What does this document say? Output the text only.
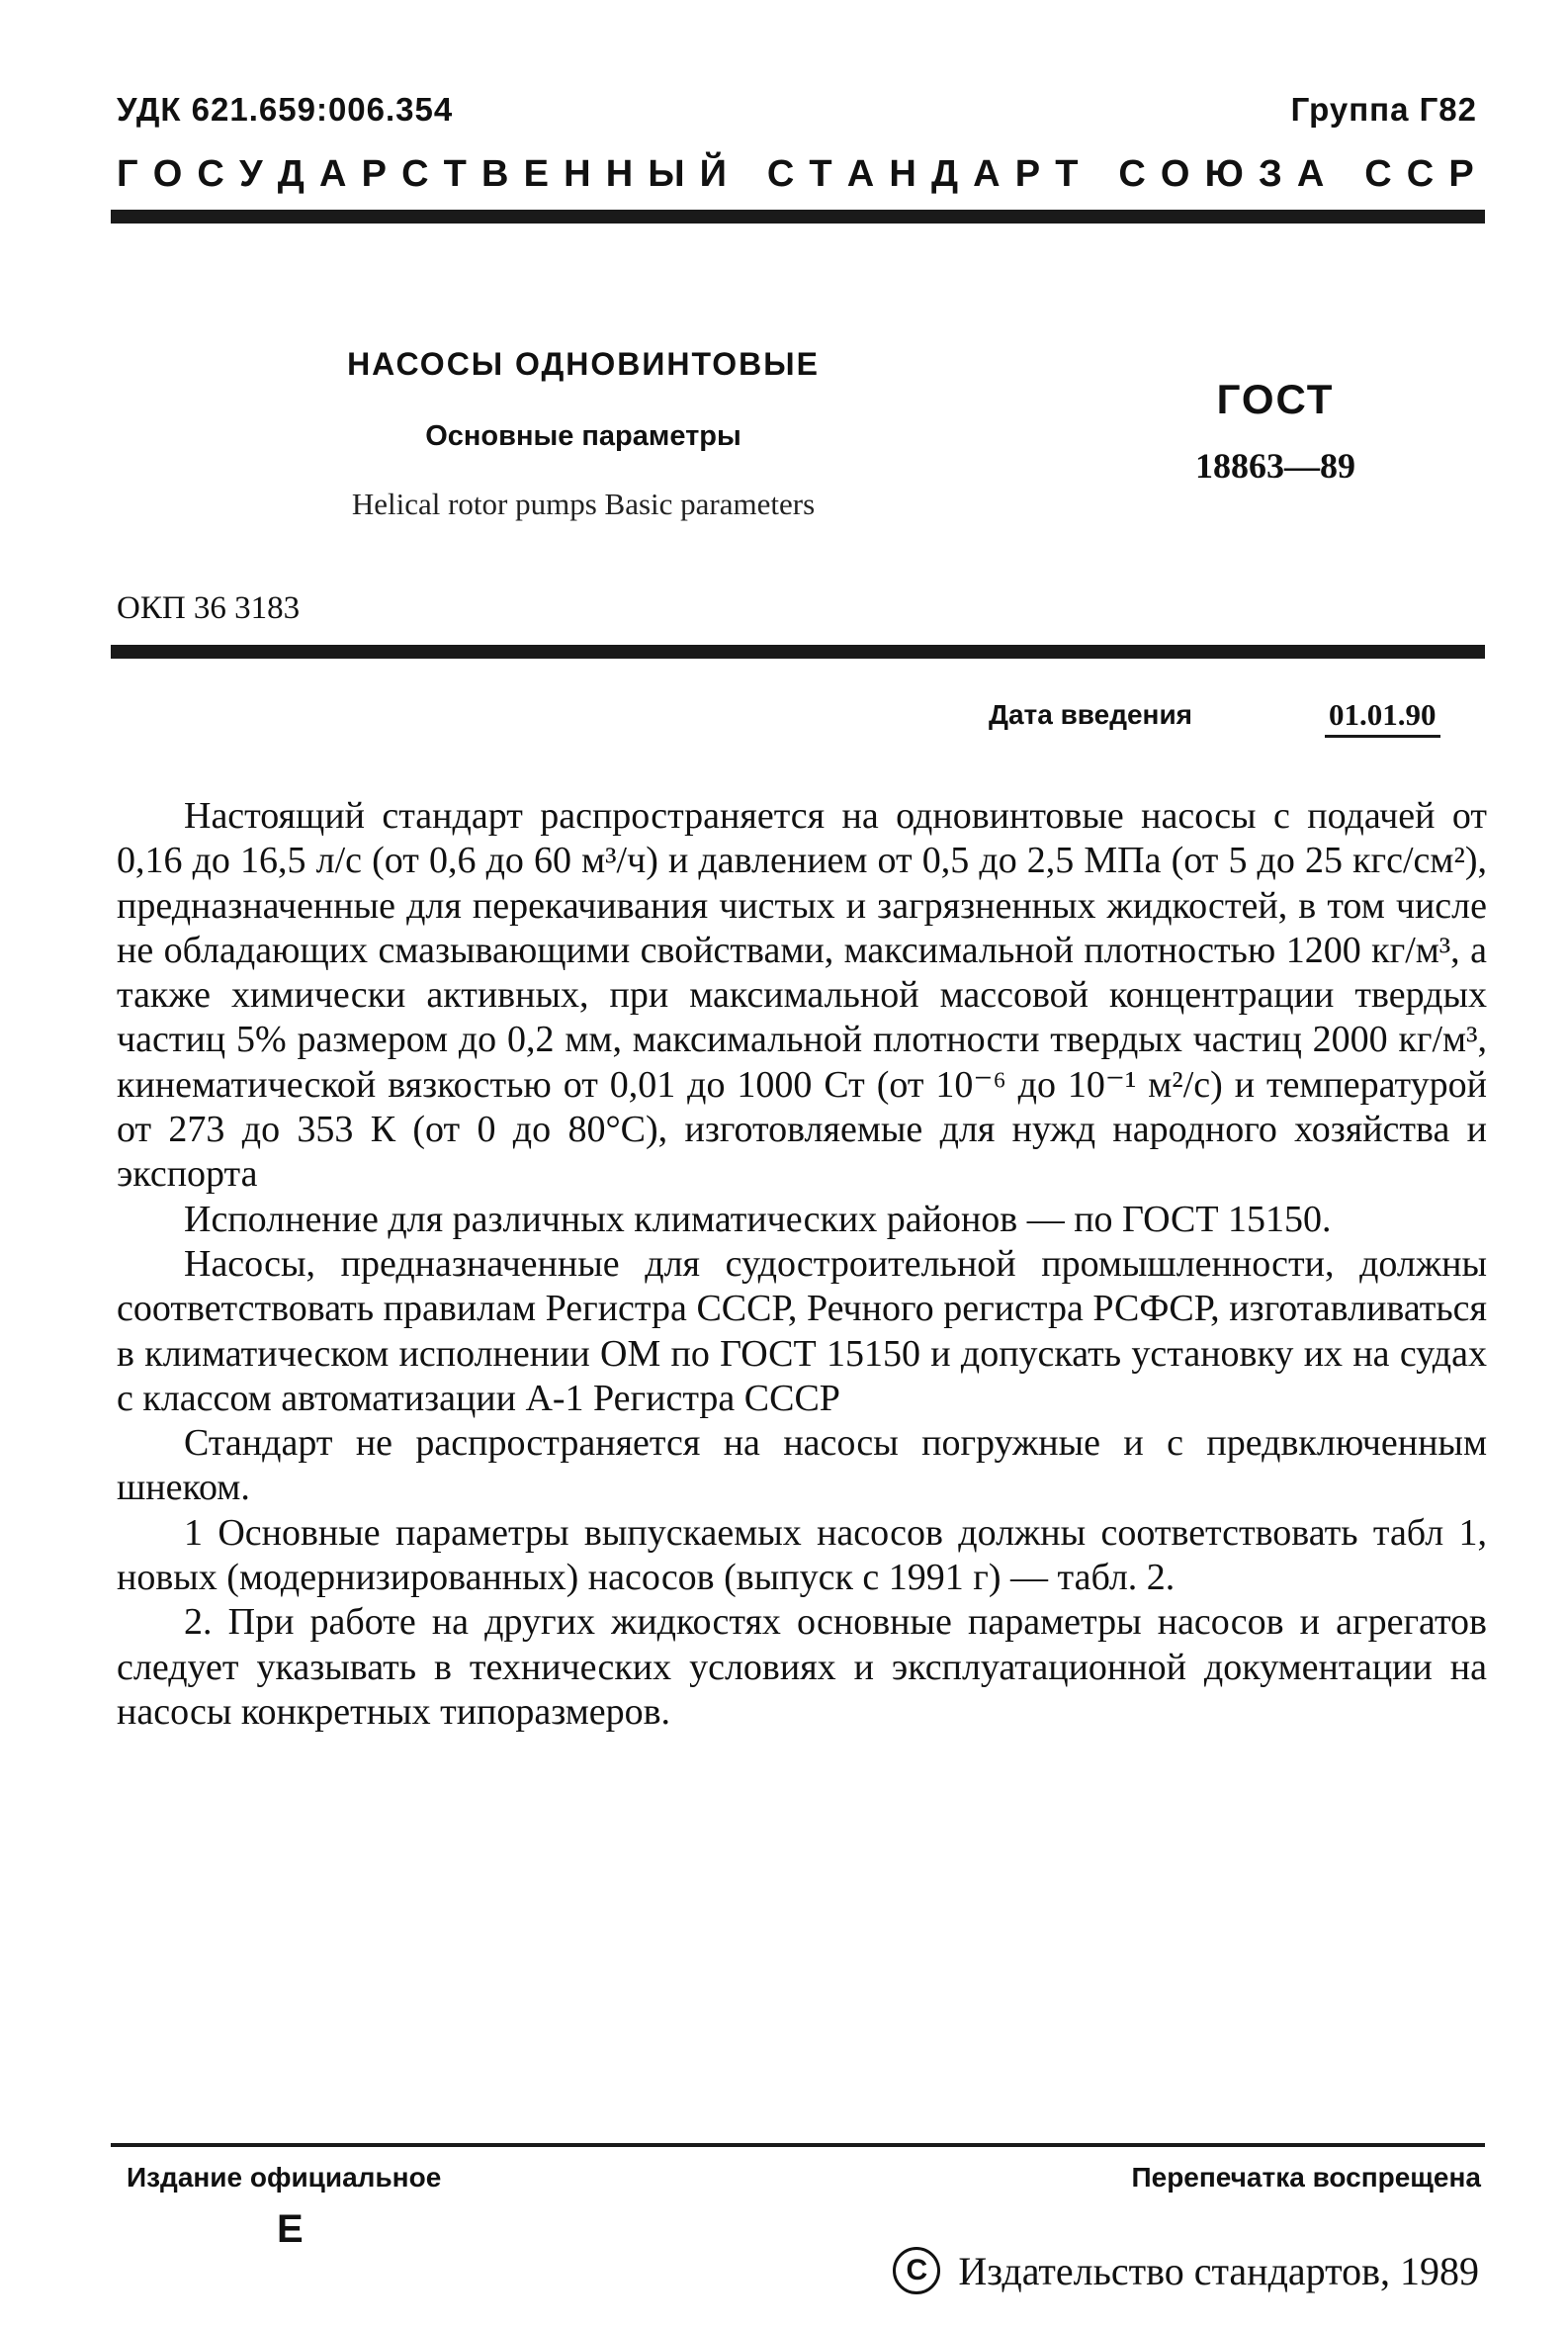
УДК 621.659:006.354	Группа Г82
Г О С У Д А Р С Т В Е Н Н Ы Й
С Т А Н Д А Р Т
С О Ю З А
С С Р
НАСОСЫ ОДНОВИНТОВЫЕ
Основные параметры
Helical rotor pumps Basic parameters
ГОСТ
18863—89
ОКП 36 3183
Дата введения	01.01.90

Настоящий стандарт распространяется на одновинтовые насосы с подачей от 0,16 до 16,5 л/с (от 0,6 до 60 м³/ч) и давлением от 0,5 до 2,5 МПа (от 5 до 25 кгс/см²), предназначенные для перекачивания чистых и загрязненных жидкостей, в том числе не обладающих смазывающими свойствами, максимальной плотностью 1200 кг/м³, а также химически активных, при максимальной массовой концентрации твердых частиц 5% размером до 0,2 мм, максимальной плотности твердых частиц 2000 кг/м³, кинематической вязкостью от 0,01 до 1000 Ст (от 10⁻⁶ до 10⁻¹ м²/с) и температурой от 273 до 353 К (от 0 до 80°С), изготовляемые для нужд народного хозяйства и экспорта

Исполнение для различных климатических районов — по ГОСТ 15150.

Насосы, предназначенные для судостроительной промышленности, должны соответствовать правилам Регистра СССР, Речного регистра РСФСР, изготавливаться в климатическом исполнении ОМ по ГОСТ 15150 и допускать установку их на судах с классом автоматизации А-1 Регистра СССР

Стандарт не распространяется на насосы погружные и с предвключенным шнеком.

1 Основные параметры выпускаемых насосов должны соответствовать табл 1, новых (модернизированных) насосов (выпуск с 1991 г) — табл. 2.

2. При работе на других жидкостях основные параметры насосов и агрегатов следует указывать в технических условиях и эксплуатационной документации на насосы конкретных типоразмеров.

Издание официальное	Перепечатка воспрещена
Е
С Издательство стандартов, 1989
